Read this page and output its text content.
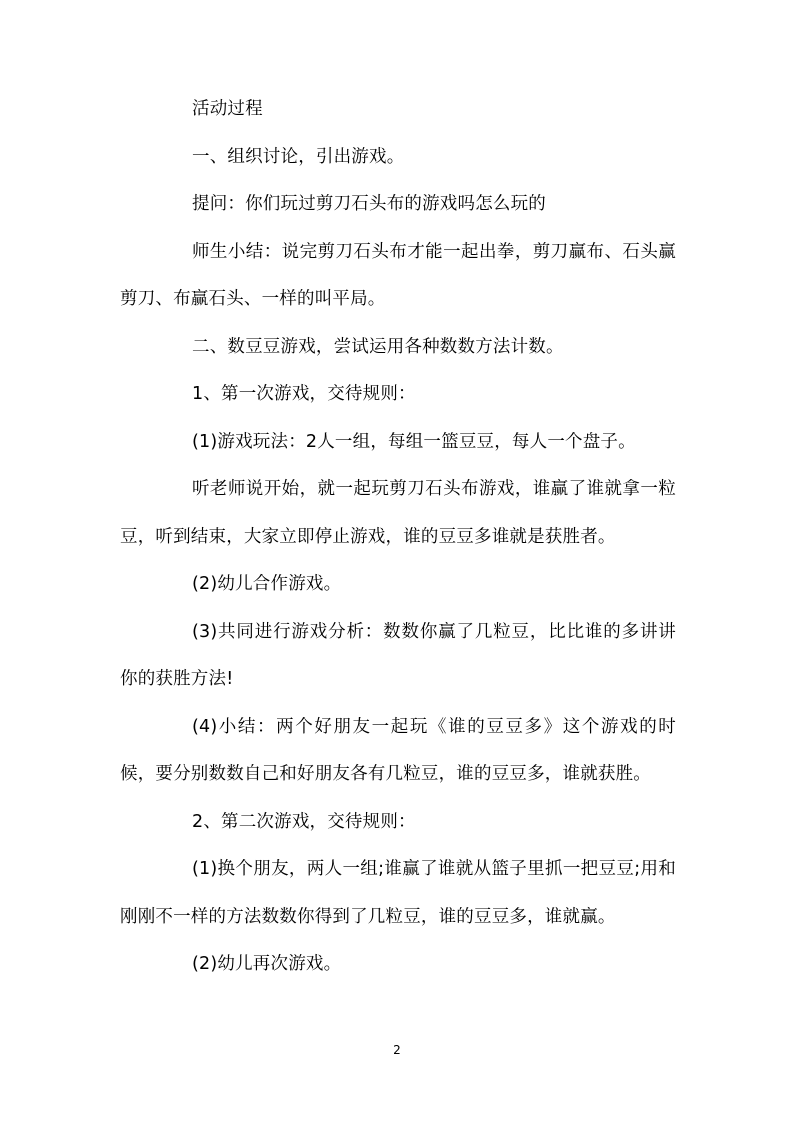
活动过程

一、组织讨论，引出游戏。

提问：你们玩过剪刀石头布的游戏吗怎么玩的

师生小结：说完剪刀石头布才能一起出拳，剪刀赢布、石头赢剪刀、布赢石头、一样的叫平局。

二、数豆豆游戏，尝试运用各种数数方法计数。

1、第一次游戏，交待规则：

(1)游戏玩法：2人一组，每组一篮豆豆，每人一个盘子。

听老师说开始，就一起玩剪刀石头布游戏，谁赢了谁就拿一粒豆，听到结束，大家立即停止游戏，谁的豆豆多谁就是获胜者。

(2)幼儿合作游戏。

(3)共同进行游戏分析：数数你赢了几粒豆，比比谁的多讲讲你的获胜方法!

(4)小结：两个好朋友一起玩《谁的豆豆多》这个游戏的时候，要分别数数自己和好朋友各有几粒豆，谁的豆豆多，谁就获胜。

2、第二次游戏，交待规则：

(1)换个朋友，两人一组;谁赢了谁就从篮子里抓一把豆豆;用和刚刚不一样的方法数数你得到了几粒豆，谁的豆豆多，谁就赢。

(2)幼儿再次游戏。

2
